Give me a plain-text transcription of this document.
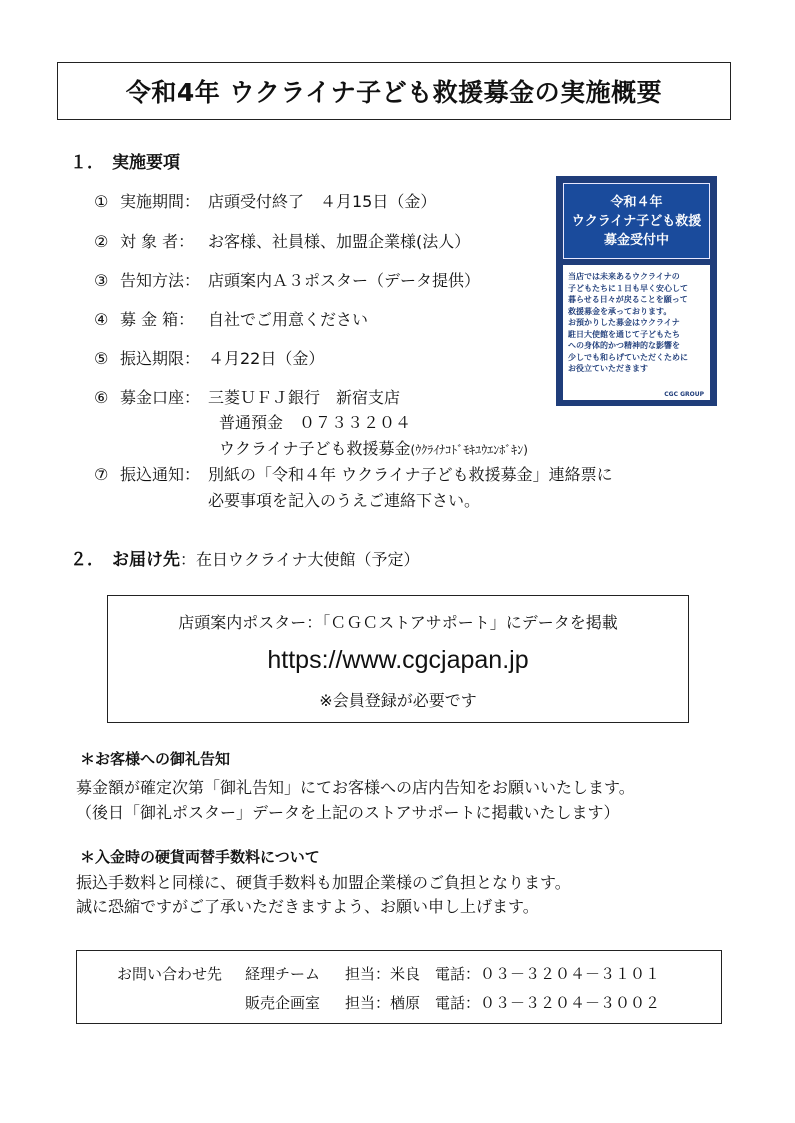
令和4年 ウクライナ子ども救援募金の実施概要
１． 実施要項
① 実施期間： 店頭受付終了　４月15日（金）
② 対 象 者： お客様、社員様、加盟企業様(法人）
③ 告知方法： 店頭案内Ａ３ポスター（データ提供）
④ 募 金 箱： 自社でご用意ください
⑤ 振込期限： ４月22日（金）
⑥ 募金口座： 三菱ＵＦＪ銀行　新宿支店
普通預金　０７３３２０４
ウクライナ子ども救援募金(ｳｸﾗｲﾅｺﾄﾞﾓｷﾕｳｴﾝﾎﾞｷﾝ)
⑦ 振込通知： 別紙の「令和４年 ウクライナ子ども救援募金」連絡票に
必要事項を記入のうえご連絡下さい。
令和４年
ウクライナ子ども救援
募金受付中

当店では未来あるウクライナの
子どもたちに１日も早く安心して
暮らせる日々が戻ることを願って
救援募金を承っております。
お預かりした募金はウクライナ
駐日大使館を通じて子どもたち
への身体的かつ精神的な影響を
少しでも和らげていただくために
お役立ていただきます

CGC GROUP
２． お届け先：在日ウクライナ大使館（予定）
店頭案内ポスター：「ＣＧＣストアサポート」にデータを掲載
https://www.cgcjapan.jp
※会員登録が必要です
＊お客様への御礼告知
募金額が確定次第「御礼告知」にてお客様への店内告知をお願いいたします。
（後日「御礼ポスター」データを上記のストアサポートに掲載いたします）
＊入金時の硬貨両替手数料について
振込手数料と同様に、硬貨手数料も加盟企業様のご負担となります。
誠に恐縮ですがご了承いただきますよう、お願い申し上げます。
お問い合わせ先 経理チーム 担当：米良 電話：０３－３２０４－３１０１
販売企画室 担当：楢原 電話：０３－３２０４－３００２
